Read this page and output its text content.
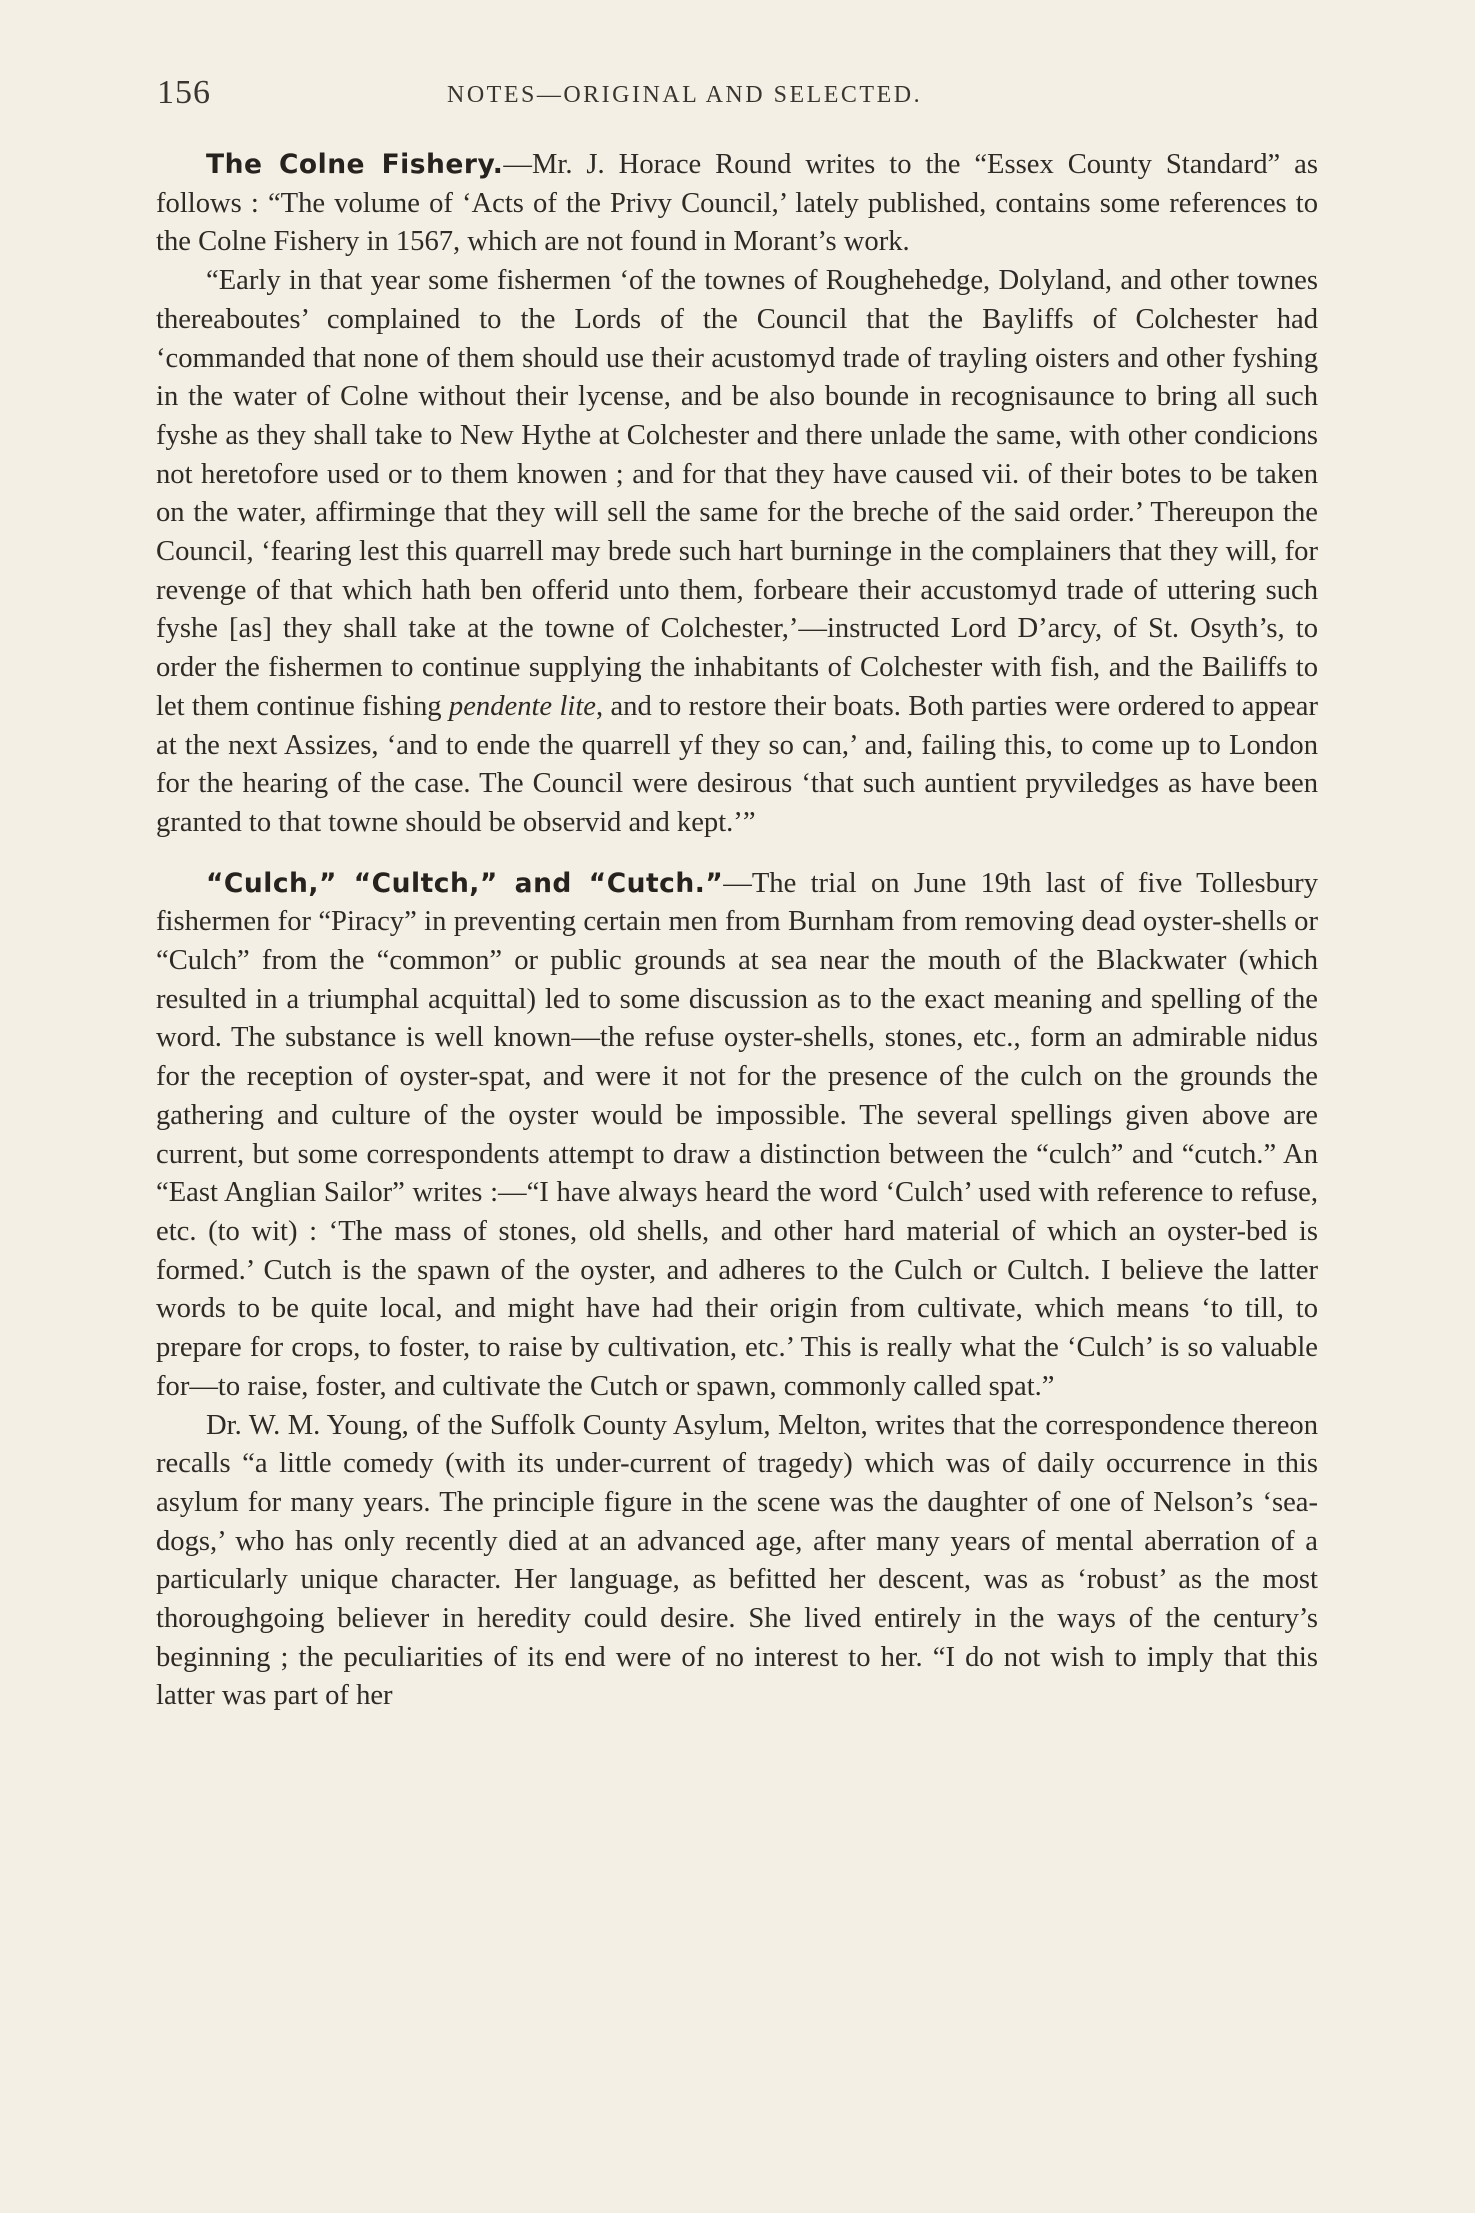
156	NOTES—ORIGINAL AND SELECTED.

The Colne Fishery.—Mr. J. Horace Round writes to the “Essex County Standard” as follows : “The volume of ‘Acts of the Privy Council,’ lately published, contains some references to the Colne Fishery in 1567, which are not found in Morant’s work.

“Early in that year some fishermen ‘of the townes of Roughehedge, Dolyland, and other townes thereaboutes’ complained to the Lords of the Council that the Bayliffs of Colchester had ‘commanded that none of them should use their acustomyd trade of trayling oisters and other fyshing in the water of Colne without their lycense, and be also bounde in recognisaunce to bring all such fyshe as they shall take to New Hythe at Colchester and there unlade the same, with other condicions not heretofore used or to them knowen ; and for that they have caused vii. of their botes to be taken on the water, affirminge that they will sell the same for the breche of the said order.’ Thereupon the Council, ‘fearing lest this quarrell may brede such hart burninge in the complainers that they will, for revenge of that which hath ben offerid unto them, forbeare their accustomyd trade of uttering such fyshe [as] they shall take at the towne of Colchester,’—instructed Lord D’arcy, of St. Osyth’s, to order the fishermen to continue supplying the inhabitants of Colchester with fish, and the Bailiffs to let them continue fishing pendente lite, and to restore their boats. Both parties were ordered to appear at the next Assizes, ‘and to ende the quarrell yf they so can,’ and, failing this, to come up to London for the hearing of the case. The Council were desirous ‘that such auntient pryviledges as have been granted to that towne should be observid and kept.’”

“Culch,” “Cultch,” and “Cutch.”—The trial on June 19th last of five Tollesbury fishermen for “Piracy” in preventing certain men from Burnham from removing dead oyster-shells or “Culch” from the “common” or public grounds at sea near the mouth of the Blackwater (which resulted in a triumphal acquittal) led to some discussion as to the exact meaning and spelling of the word. The substance is well known—the refuse oyster-shells, stones, etc., form an admirable nidus for the reception of oyster-spat, and were it not for the presence of the culch on the grounds the gathering and culture of the oyster would be impossible. The several spellings given above are current, but some correspondents attempt to draw a distinction between the “culch” and “cutch.” An “East Anglian Sailor” writes :—“I have always heard the word ‘Culch’ used with reference to refuse, etc. (to wit) : ‘The mass of stones, old shells, and other hard material of which an oyster-bed is formed.’ Cutch is the spawn of the oyster, and adheres to the Culch or Cultch. I believe the latter words to be quite local, and might have had their origin from cultivate, which means ‘to till, to prepare for crops, to foster, to raise by cultivation, etc.’ This is really what the ‘Culch’ is so valuable for—to raise, foster, and cultivate the Cutch or spawn, commonly called spat.”

Dr. W. M. Young, of the Suffolk County Asylum, Melton, writes that the correspondence thereon recalls “a little comedy (with its under-current of tragedy) which was of daily occurrence in this asylum for many years. The principle figure in the scene was the daughter of one of Nelson’s ‘sea-dogs,’ who has only recently died at an advanced age, after many years of mental aberration of a particularly unique character. Her language, as befitted her descent, was as ‘robust’ as the most thoroughgoing believer in heredity could desire. She lived entirely in the ways of the century’s beginning ; the peculiarities of its end were of no interest to her. “I do not wish to imply that this latter was part of her
